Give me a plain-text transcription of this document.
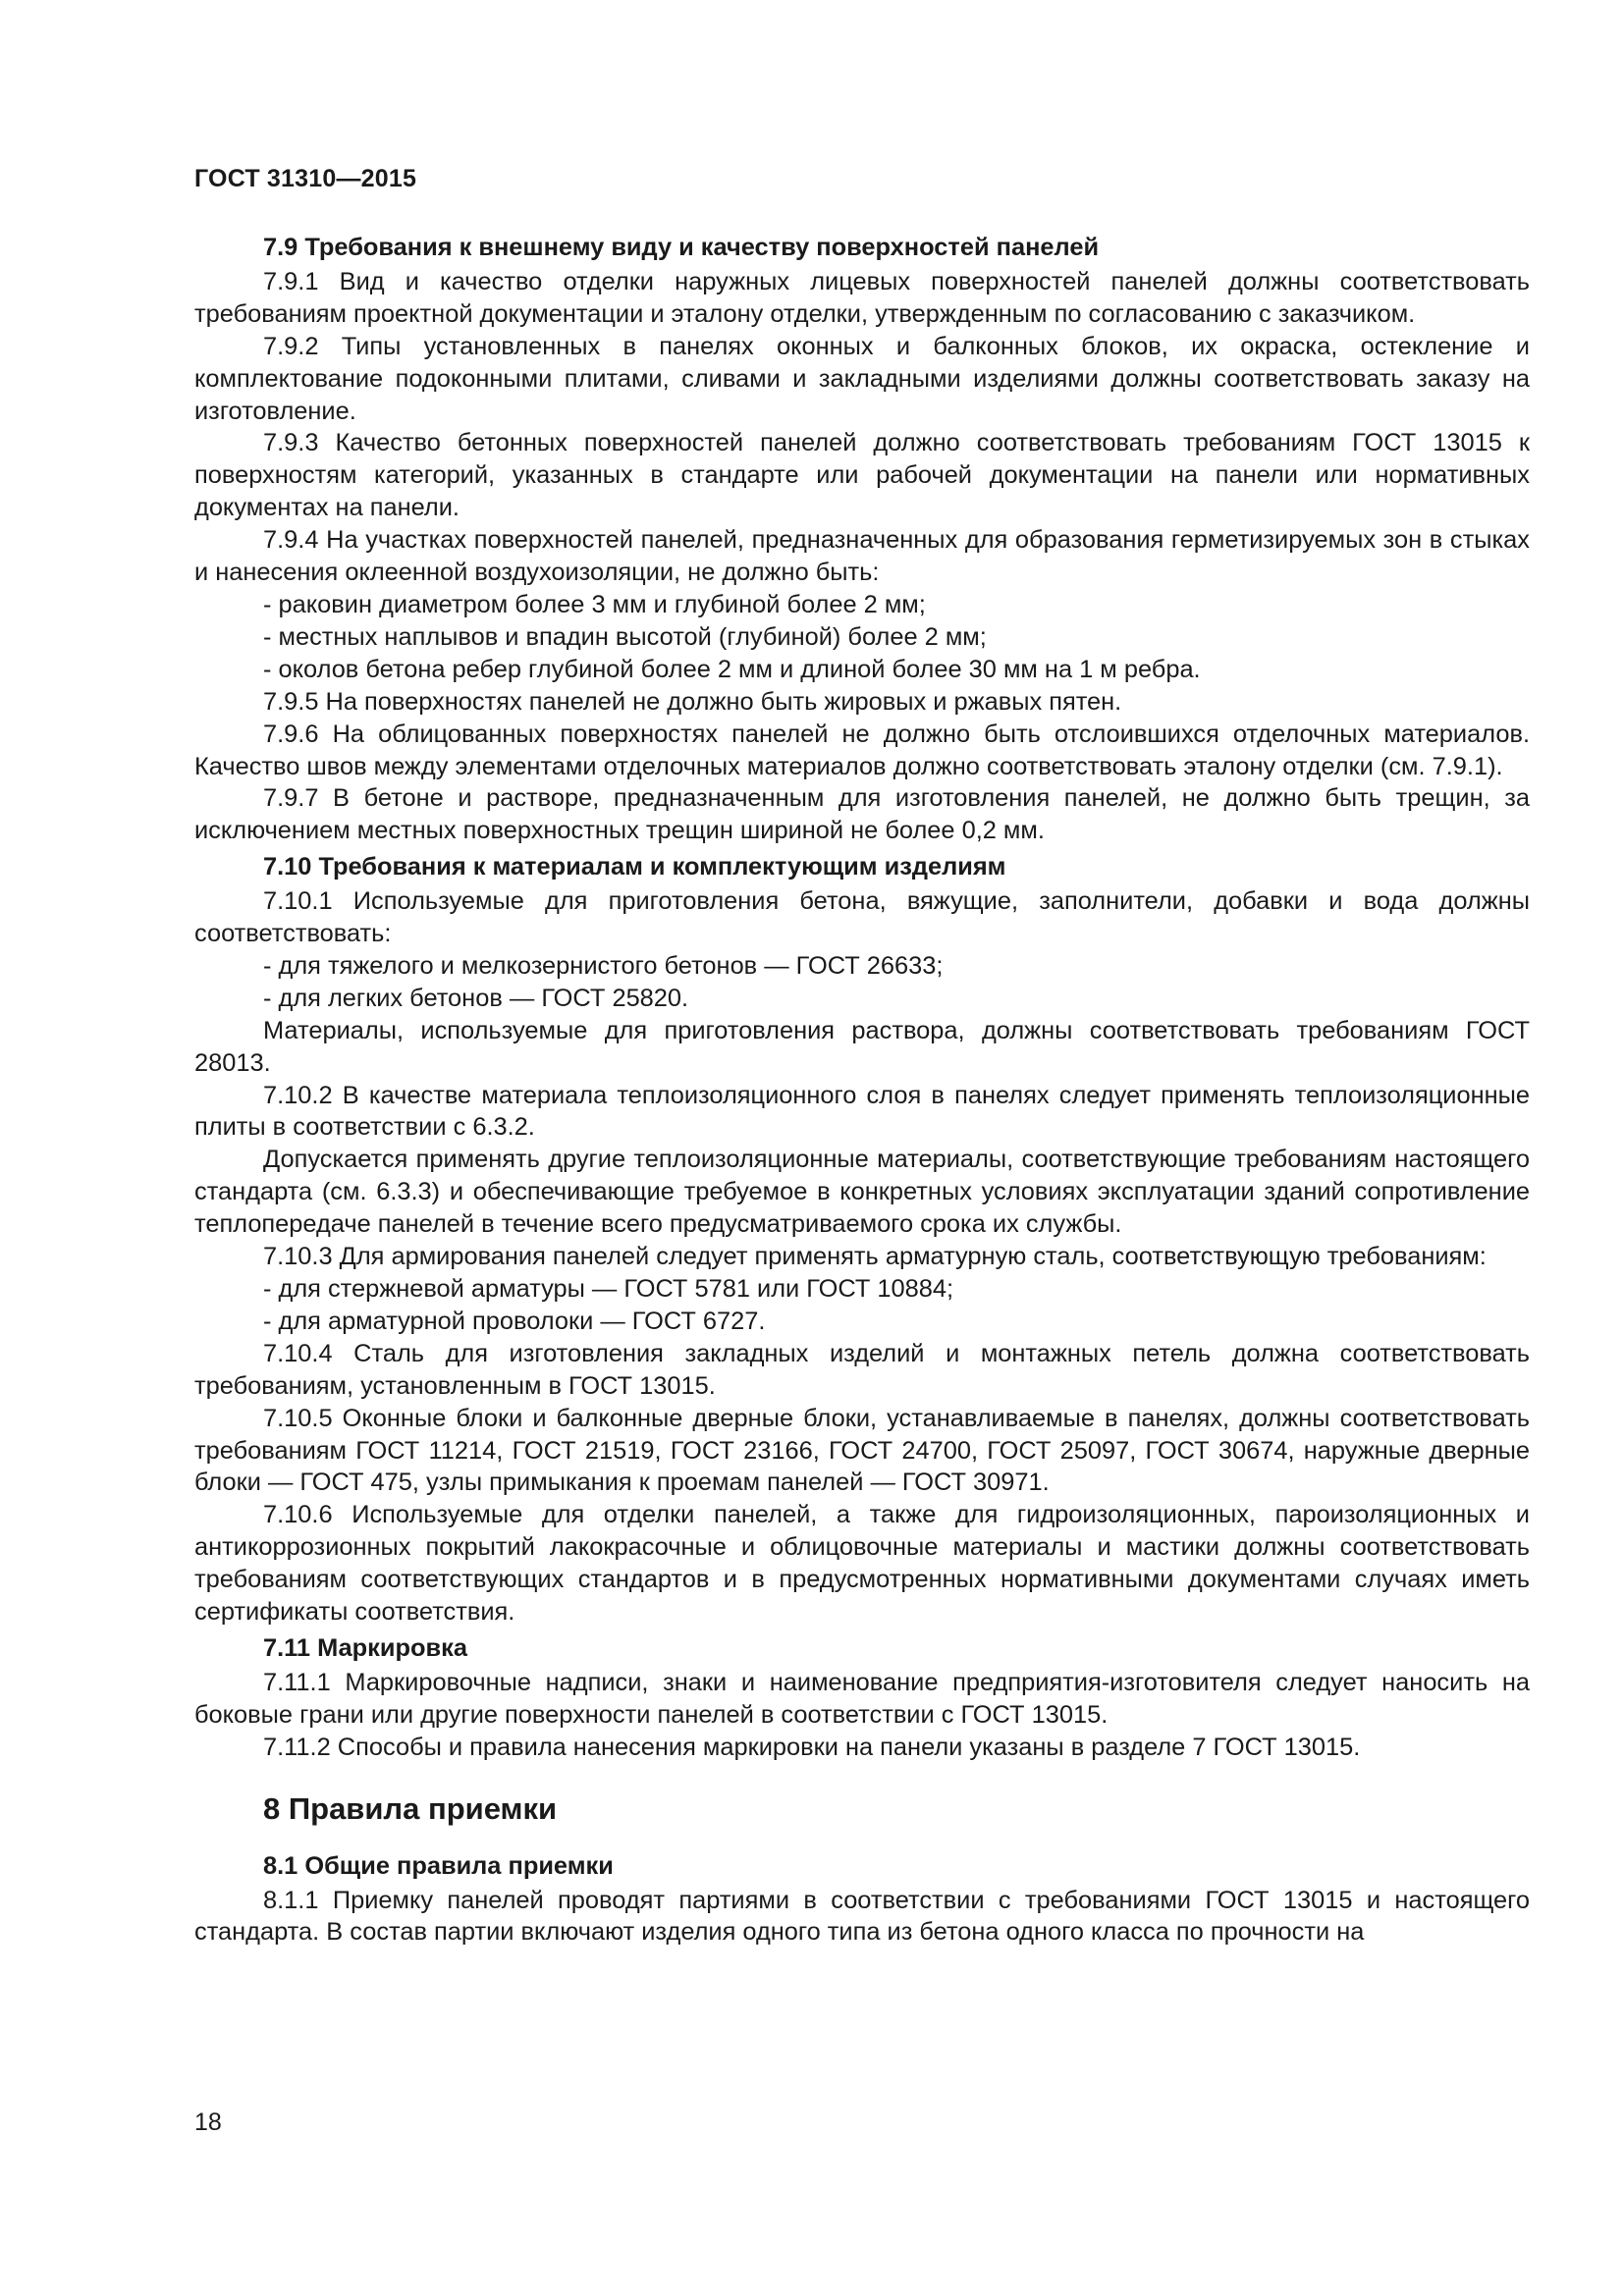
ГОСТ 31310—2015
7.9 Требования к внешнему виду и качеству поверхностей панелей

7.9.1 Вид и качество отделки наружных лицевых поверхностей панелей должны соответствовать требованиям проектной документации и эталону отделки, утвержденным по согласованию с заказчиком.

7.9.2 Типы установленных в панелях оконных и балконных блоков, их окраска, остекление и комплектование подоконными плитами, сливами и закладными изделиями должны соответствовать заказу на изготовление.

7.9.3 Качество бетонных поверхностей панелей должно соответствовать требованиям ГОСТ 13015 к поверхностям категорий, указанных в стандарте или рабочей документации на панели или нормативных документах на панели.

7.9.4 На участках поверхностей панелей, предназначенных для образования герметизируемых зон в стыках и нанесения оклеенной воздухоизоляции, не должно быть:

- раковин диаметром более 3 мм и глубиной более 2 мм;

- местных наплывов и впадин высотой (глубиной) более 2 мм;

- околов бетона ребер глубиной более 2 мм и длиной более 30 мм на 1 м ребра.

7.9.5 На поверхностях панелей не должно быть жировых и ржавых пятен.

7.9.6 На облицованных поверхностях панелей не должно быть отслоившихся отделочных материалов. Качество швов между элементами отделочных материалов должно соответствовать эталону отделки (см. 7.9.1).

7.9.7 В бетоне и растворе, предназначенным для изготовления панелей, не должно быть трещин, за исключением местных поверхностных трещин шириной не более 0,2 мм.

7.10 Требования к материалам и комплектующим изделиям

7.10.1 Используемые для приготовления бетона, вяжущие, заполнители, добавки и вода должны соответствовать:

- для тяжелого и мелкозернистого бетонов — ГОСТ 26633;

- для легких бетонов — ГОСТ 25820.

Материалы, используемые для приготовления раствора, должны соответствовать требованиям ГОСТ 28013.

7.10.2 В качестве материала теплоизоляционного слоя в панелях следует применять теплоизоляционные плиты в соответствии с 6.3.2.

Допускается применять другие теплоизоляционные материалы, соответствующие требованиям настоящего стандарта (см. 6.3.3) и обеспечивающие требуемое в конкретных условиях эксплуатации зданий сопротивление теплопередаче панелей в течение всего предусматриваемого срока их службы.

7.10.3 Для армирования панелей следует применять арматурную сталь, соответствующую требованиям:

- для стержневой арматуры — ГОСТ 5781 или ГОСТ 10884;

- для арматурной проволоки — ГОСТ 6727.

7.10.4 Сталь для изготовления закладных изделий и монтажных петель должна соответствовать требованиям, установленным в ГОСТ 13015.

7.10.5 Оконные блоки и балконные дверные блоки, устанавливаемые в панелях, должны соответствовать требованиям ГОСТ 11214, ГОСТ 21519, ГОСТ 23166, ГОСТ 24700, ГОСТ 25097, ГОСТ 30674, наружные дверные блоки — ГОСТ 475, узлы примыкания к проемам панелей — ГОСТ 30971.

7.10.6 Используемые для отделки панелей, а также для гидроизоляционных, пароизоляционных и антикоррозионных покрытий лакокрасочные и облицовочные материалы и мастики должны соответствовать требованиям соответствующих стандартов и в предусмотренных нормативными документами случаях иметь сертификаты соответствия.

7.11 Маркировка

7.11.1 Маркировочные надписи, знаки и наименование предприятия-изготовителя следует наносить на боковые грани или другие поверхности панелей в соответствии с ГОСТ 13015.

7.11.2 Способы и правила нанесения маркировки на панели указаны в разделе 7 ГОСТ 13015.

8 Правила приемки
8.1 Общие правила приемки

8.1.1 Приемку панелей проводят партиями в соответствии с требованиями ГОСТ 13015 и настоящего стандарта. В состав партии включают изделия одного типа из бетона одного класса по прочности на

18
